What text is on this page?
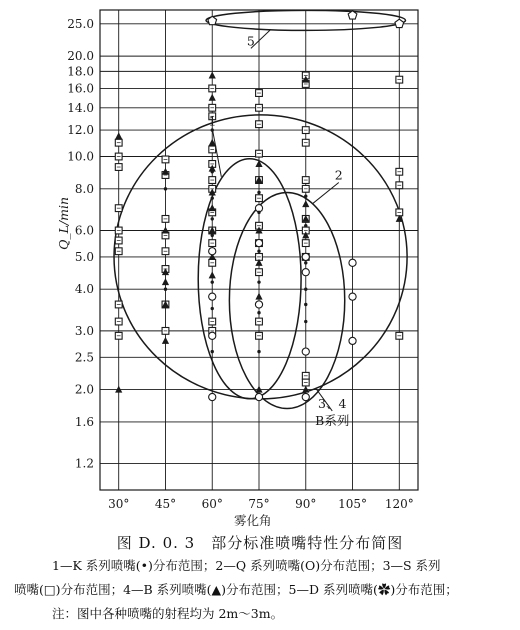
1.2
1.6
2.0
2.5
3.0
4.0
5.0
6.0
8.0
10.0
12.0
14.0
16.0
18.0
20.0
25.0
30° 45° 60° 75° 90° 105° 120°
雾化角
Q_L/min
1
2
5
3、4
B系列
图 D. 0. 3　部分标准喷嘴特性分布简图
1—K 系列喷嘴(•)分布范围；2—Q 系列喷嘴(O)分布范围；3—S 系列
喷嘴(□)分布范围；4—B 系列喷嘴(▲)分布范围；5—D 系列喷嘴(✿)分布范围；
注：图中各种喷嘴的射程均为 2m～3m。
